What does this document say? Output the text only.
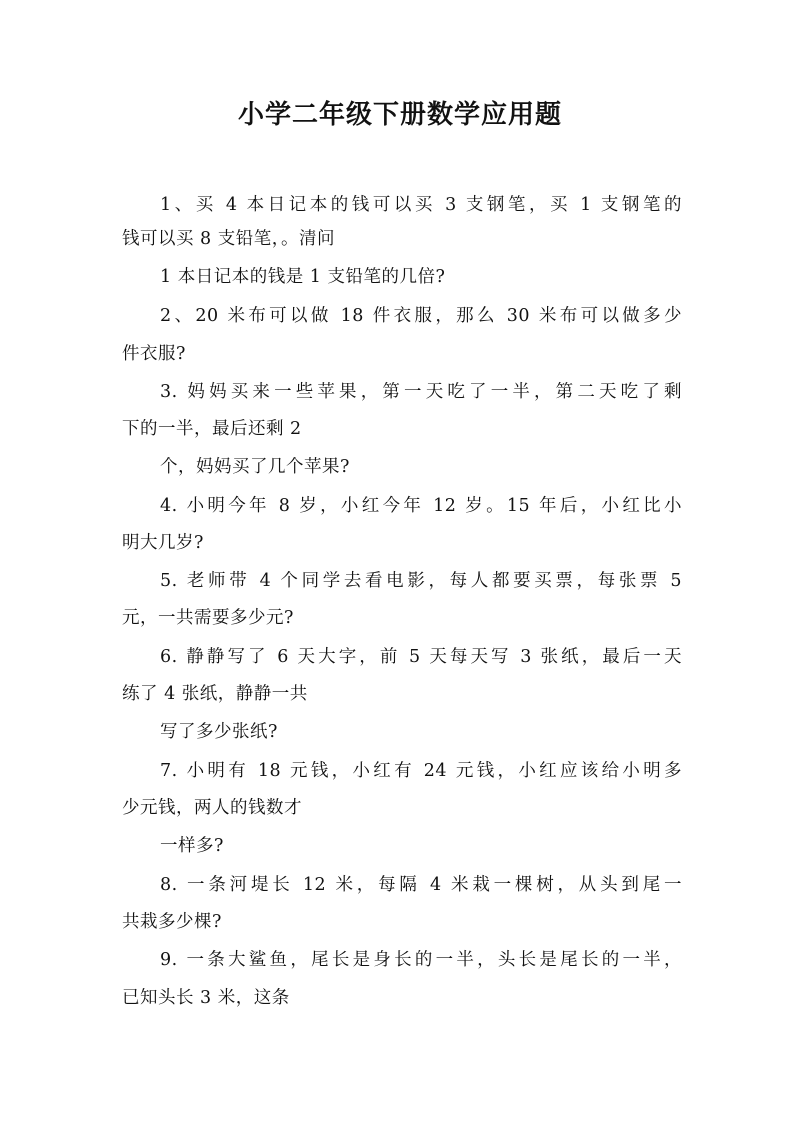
小学二年级下册数学应用题
1、买 4 本日记本的钱可以买 3 支钢笔，买 1 支钢笔的
钱可以买 8 支铅笔，。清问
1 本日记本的钱是 1 支铅笔的几倍?
2、20 米布可以做 18 件衣服，那么 30 米布可以做多少
件衣服?
3. 妈妈买来一些苹果，第一天吃了一半，第二天吃了剩
下的一半，最后还剩 2
个，妈妈买了几个苹果?
4. 小明今年 8 岁，小红今年 12 岁。15 年后，小红比小
明大几岁?
5. 老师带 4 个同学去看电影，每人都要买票，每张票 5
元，一共需要多少元?
6. 静静写了 6 天大字，前 5 天每天写 3 张纸，最后一天
练了 4 张纸，静静一共
写了多少张纸?
7. 小明有 18 元钱，小红有 24 元钱，小红应该给小明多
少元钱，两人的钱数才
一样多?
8. 一条河堤长 12 米，每隔 4 米栽一棵树，从头到尾一
共栽多少棵?
9. 一条大鲨鱼，尾长是身长的一半，头长是尾长的一半，
已知头长 3 米，这条
